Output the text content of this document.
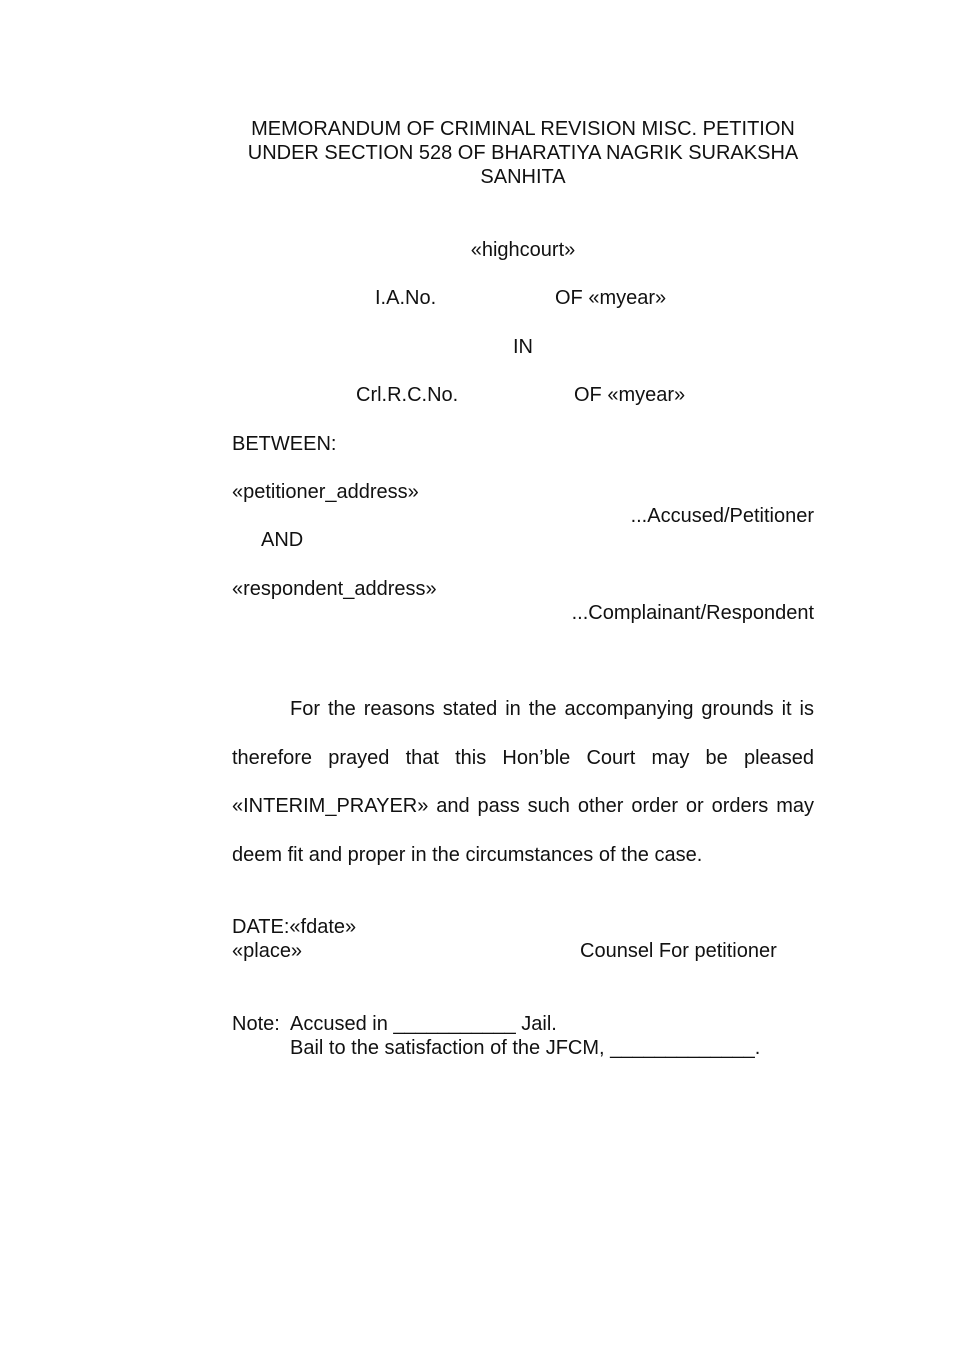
MEMORANDUM OF CRIMINAL REVISION MISC. PETITION
UNDER SECTION 528 OF BHARATIYA NAGRIK SURAKSHA
SANHITA
«highcourt»
I.A.No.	OF «myear»
IN
Crl.R.C.No.	OF «myear»
BETWEEN:
«petitioner_address»
...Accused/Petitioner
AND
«respondent_address»
...Complainant/Respondent

For the reasons stated in the accompanying grounds it is therefore prayed that this Hon’ble Court may be pleased «INTERIM_PRAYER» and pass such other order or orders may deem fit and proper in the circumstances of the case.

DATE:«fdate»
«place»	Counsel For petitioner
Note: Accused in ___________ Jail.
Bail to the satisfaction of the JFCM, _____________.
